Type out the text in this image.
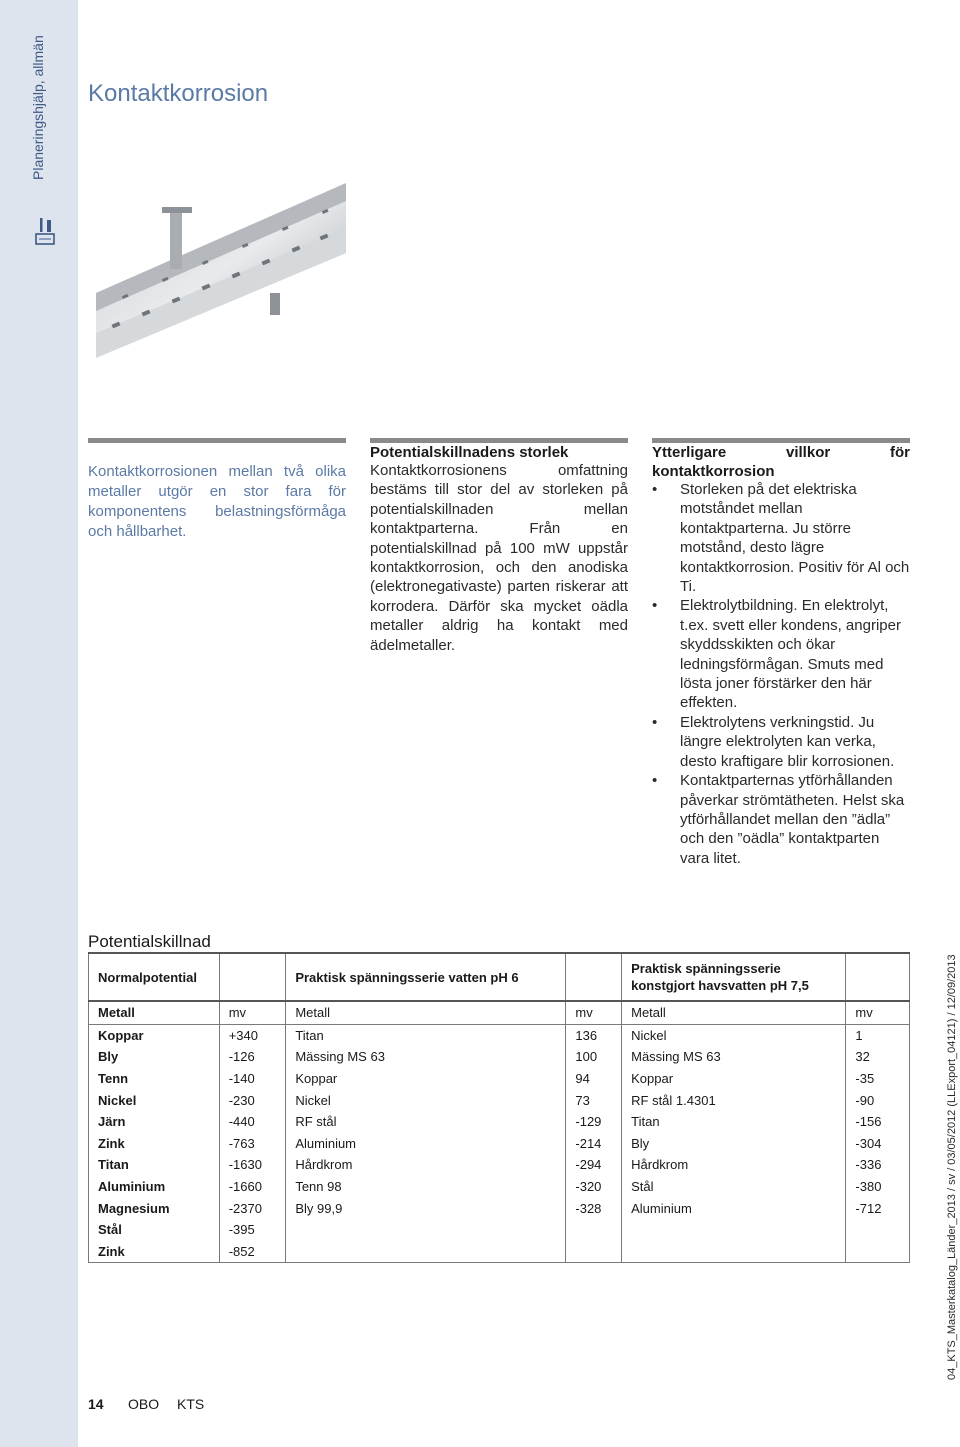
Planeringshjälp, allmän Kontaktkorrosion

Kontaktkorrosionen mellan två olika metaller utgör en stor fara för komponentens belastningsförmåga och hållbarhet.

Potentialskillnadens storlek

Kontaktkorrosionens omfattning bestäms till stor del av storleken på potentialskillnaden mellan kontaktparterna. Från en potentialskillnad på 100 mW uppstår kontaktkorrosion, och den anodiska (elektronegativaste) parten riskerar att korrodera. Därför ska mycket oädla metaller aldrig ha kontakt med ädelmetaller.

Ytterligare villkor för kontaktkorrosion
• Storleken på det elektriska motståndet mellan kontaktparterna. Ju större motstånd, desto lägre kontaktkorrosion. Positiv för Al och Ti.
• Elektrolytbildning. En elektrolyt, t.ex. svett eller kondens, angriper skyddsskikten och ökar ledningsförmågan. Smuts med lösta joner förstärker den här effekten.
• Elektrolytens verkningstid. Ju längre elektrolyten kan verka, desto kraftigare blir korrosionen.
• Kontaktparternas ytförhållanden påverkar strömtätheten. Helst ska ytförhållandet mellan den ”ädla” och den ”oädla” kontaktparten vara litet.
Potentialskillnad
Normalpotential		Praktisk spänningsserie vatten pH 6		Praktisk spänningsserie konstgjort havsvatten pH 7,5	
Metall	mv	Metall	mv	Metall	mv
Koppar	+340	Titan	136	Nickel	1
Bly	-126	Mässing MS 63	100	Mässing MS 63	32
Tenn	-140	Koppar	94	Koppar	-35
Nickel	-230	Nickel	73	RF stål 1.4301	-90
Järn	-440	RF stål	-129	Titan	-156
Zink	-763	Aluminium	-214	Bly	-304
Titan	-1630	Hårdkrom	-294	Hårdkrom	-336
Aluminium	-1660	Tenn 98	-320	Stål	-380
Magnesium	-2370	Bly 99,9	-328	Aluminium	-712
Stål	-395				
Zink	-852				
14 OBO KTS
04_KTS_Masterkatalog_Länder_2013 / sv / 03/05/2012 (LLExport_04121) / 12/09/2013
